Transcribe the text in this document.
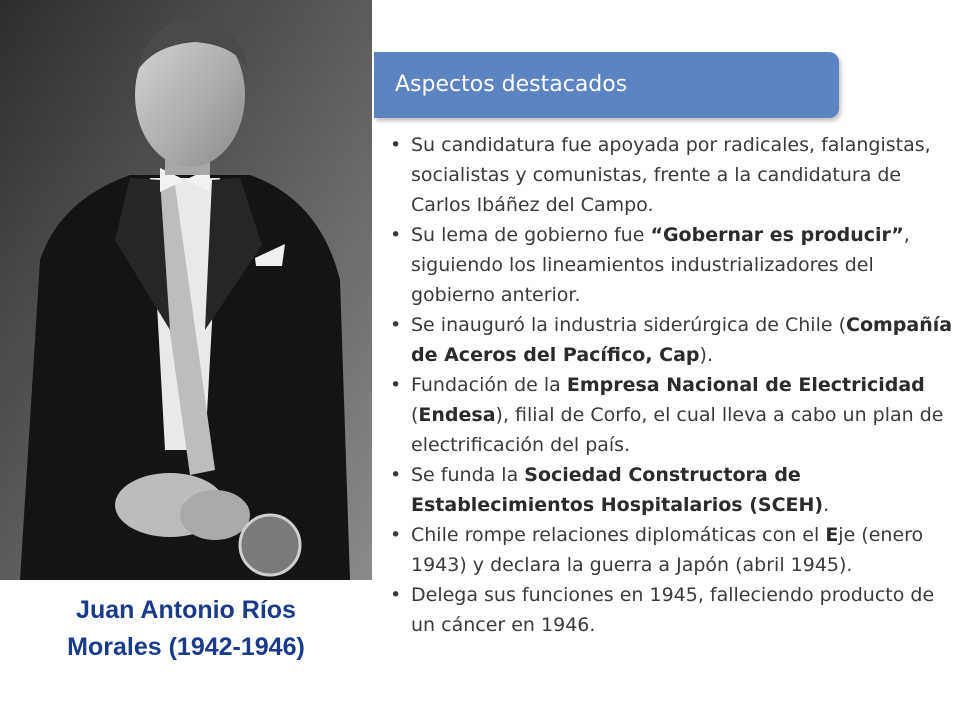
Juan Antonio Ríos
Morales (1942-1946)
Aspectos destacados
• Su candidatura fue apoyada por radicales, falangistas, socialistas y comunistas, frente a la candidatura de Carlos Ibáñez del Campo.
• Su lema de gobierno fue “Gobernar es producir”, siguiendo los lineamientos industrializadores del gobierno anterior.
• Se inauguró la industria siderúrgica de Chile (Compañía de Aceros del Pacífico, Cap).
• Fundación de la Empresa Nacional de Electricidad (Endesa), filial de Corfo, el cual lleva a cabo un plan de electrificación del país.
• Se funda la Sociedad Constructora de Establecimientos Hospitalarios (SCEH).
• Chile rompe relaciones diplomáticas con el Eje (enero 1943) y declara la guerra a Japón (abril 1945).
• Delega sus funciones en 1945, falleciendo producto de un cáncer en 1946.
